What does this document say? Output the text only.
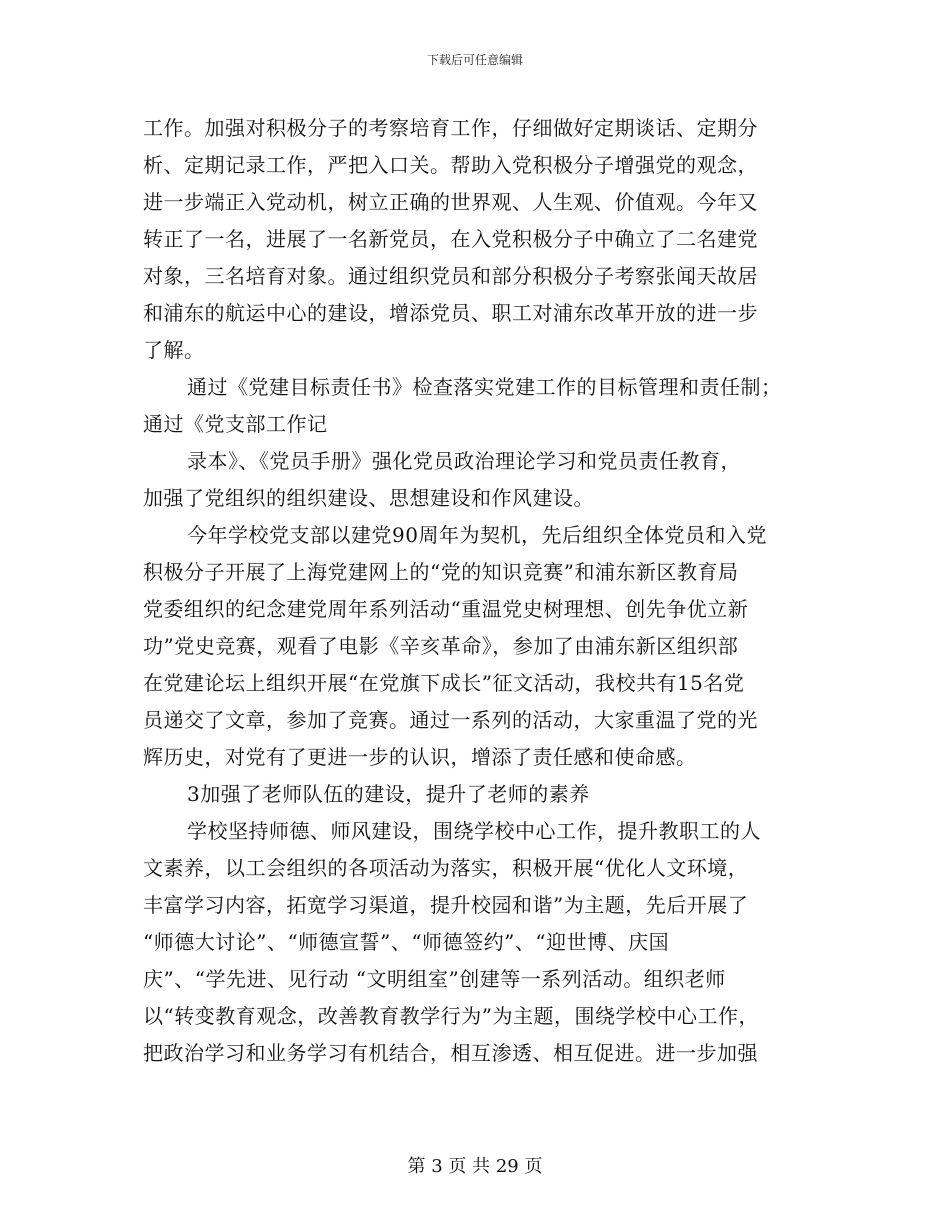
下载后可任意编辑
工作。加强对积极分子的考察培育工作，仔细做好定期谈话、定期分
析、定期记录工作，严把入口关。帮助入党积极分子增强党的观念，
进一步端正入党动机，树立正确的世界观、人生观、价值观。今年又
转正了一名，进展了一名新党员，在入党积极分子中确立了二名建党
对象，三名培育对象。通过组织党员和部分积极分子考察张闻天故居
和浦东的航运中心的建设，增添党员、职工对浦东改革开放的进一步
了解。
通过《党建目标责任书》检查落实党建工作的目标管理和责任制；
通过《党支部工作记
录本》、《党员手册》强化党员政治理论学习和党员责任教育，
加强了党组织的组织建设、思想建设和作风建设。
今年学校党支部以建党90周年为契机，先后组织全体党员和入党
积极分子开展了上海党建网上的“党的知识竞赛”和浦东新区教育局
党委组织的纪念建党周年系列活动“重温党史树理想、创先争优立新
功”党史竞赛，观看了电影《辛亥革命》，参加了由浦东新区组织部
在党建论坛上组织开展“在党旗下成长”征文活动，我校共有15名党
员递交了文章，参加了竞赛。通过一系列的活动，大家重温了党的光
辉历史，对党有了更进一步的认识，增添了责任感和使命感。
3加强了老师队伍的建设，提升了老师的素养
学校坚持师德、师风建设，围绕学校中心工作，提升教职工的人
文素养，以工会组织的各项活动为落实，积极开展“优化人文环境，
丰富学习内容，拓宽学习渠道，提升校园和谐”为主题，先后开展了
“师德大讨论”、“师德宣誓”、“师德签约”、“迎世博、庆国
庆”、“学先进、见行动 “文明组室”创建等一系列活动。组织老师
以“转变教育观念，改善教育教学行为”为主题，围绕学校中心工作，
把政治学习和业务学习有机结合，相互渗透、相互促进。进一步加强
第 3 页 共 29 页
